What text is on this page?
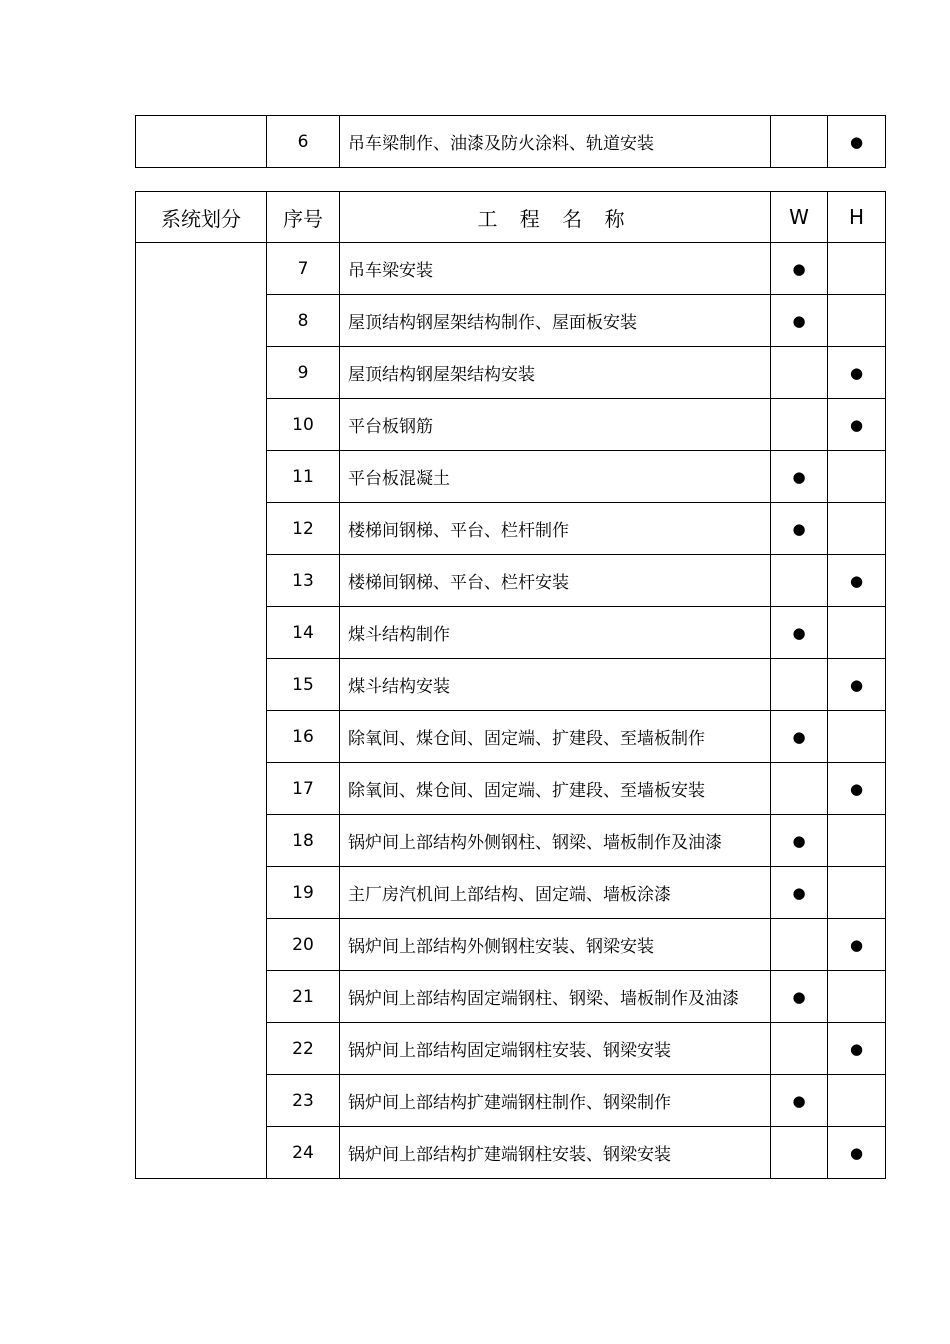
	6	吊车梁制作、油漆及防火涂料、轨道安装		●
系统划分	序号	工 程 名 称	W	H
	7	吊车梁安装	●	
	8	屋顶结构钢屋架结构制作、屋面板安装	●	
	9	屋顶结构钢屋架结构安装		●
	10	平台板钢筋		●
	11	平台板混凝土	●	
	12	楼梯间钢梯、平台、栏杆制作	●	
	13	楼梯间钢梯、平台、栏杆安装		●
	14	煤斗结构制作	●	
	15	煤斗结构安装		●
	16	除氧间、煤仓间、固定端、扩建段、至墙板制作	●	
	17	除氧间、煤仓间、固定端、扩建段、至墙板安装		●
	18	锅炉间上部结构外侧钢柱、钢梁、墙板制作及油漆	●	
	19	主厂房汽机间上部结构、固定端、墙板涂漆	●	
	20	锅炉间上部结构外侧钢柱安装、钢梁安装		●
	21	锅炉间上部结构固定端钢柱、钢梁、墙板制作及油漆	●	
	22	锅炉间上部结构固定端钢柱安装、钢梁安装		●
	23	锅炉间上部结构扩建端钢柱制作、钢梁制作	●	
	24	锅炉间上部结构扩建端钢柱安装、钢梁安装		●
